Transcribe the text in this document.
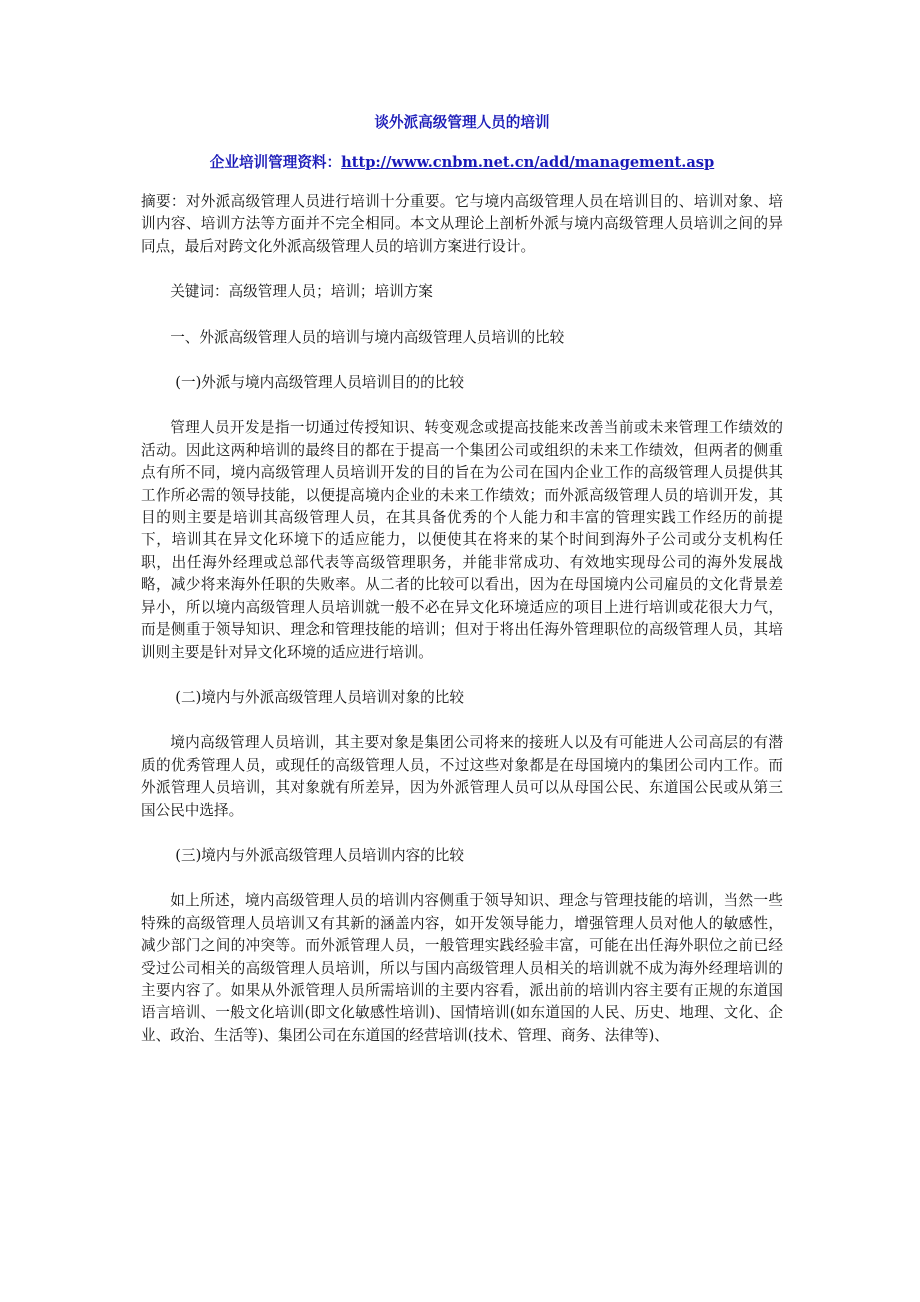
谈外派高级管理人员的培训

企业培训管理资料：http://www.cnbm.net.cn/add/management.asp

摘要：对外派高级管理人员进行培训十分重要。它与境内高级管理人员在培训目的、培训对象、培训内容、培训方法等方面并不完全相同。本文从理论上剖析外派与境内高级管理人员培训之间的异同点，最后对跨文化外派高级管理人员的培训方案进行设计。

关键词：高级管理人员；培训；培训方案

一、外派高级管理人员的培训与境内高级管理人员培训的比较

(一)外派与境内高级管理人员培训目的的比较

管理人员开发是指一切通过传授知识、转变观念或提高技能来改善当前或未来管理工作绩效的活动。因此这两种培训的最终目的都在于提高一个集团公司或组织的未来工作绩效，但两者的侧重点有所不同，境内高级管理人员培训开发的目的旨在为公司在国内企业工作的高级管理人员提供其工作所必需的领导技能，以便提高境内企业的未来工作绩效；而外派高级管理人员的培训开发，其目的则主要是培训其高级管理人员，在其具备优秀的个人能力和丰富的管理实践工作经历的前提下，培训其在异文化环境下的适应能力，以便使其在将来的某个时间到海外子公司或分支机构任职，出任海外经理或总部代表等高级管理职务，并能非常成功、有效地实现母公司的海外发展战略，减少将来海外任职的失败率。从二者的比较可以看出，因为在母国境内公司雇员的文化背景差异小，所以境内高级管理人员培训就一般不必在异文化环境适应的项目上进行培训或花很大力气，而是侧重于领导知识、理念和管理技能的培训；但对于将出任海外管理职位的高级管理人员，其培训则主要是针对异文化环境的适应进行培训。

(二)境内与外派高级管理人员培训对象的比较

境内高级管理人员培训，其主要对象是集团公司将来的接班人以及有可能进人公司高层的有潜质的优秀管理人员，或现任的高级管理人员，不过这些对象都是在母国境内的集团公司内工作。而外派管理人员培训，其对象就有所差异，因为外派管理人员可以从母国公民、东道国公民或从第三国公民中选择。

(三)境内与外派高级管理人员培训内容的比较

如上所述，境内高级管理人员的培训内容侧重于领导知识、理念与管理技能的培训，当然一些特殊的高级管理人员培训又有其新的涵盖内容，如开发领导能力，增强管理人员对他人的敏感性，减少部门之间的冲突等。而外派管理人员，一般管理实践经验丰富，可能在出任海外职位之前已经受过公司相关的高级管理人员培训，所以与国内高级管理人员相关的培训就不成为海外经理培训的主要内容了。如果从外派管理人员所需培训的主要内容看，派出前的培训内容主要有正规的东道国语言培训、一般文化培训(即文化敏感性培训)、国情培训(如东道国的人民、历史、地理、文化、企业、政治、生活等)、集团公司在东道国的经营培训(技术、管理、商务、法律等)、
